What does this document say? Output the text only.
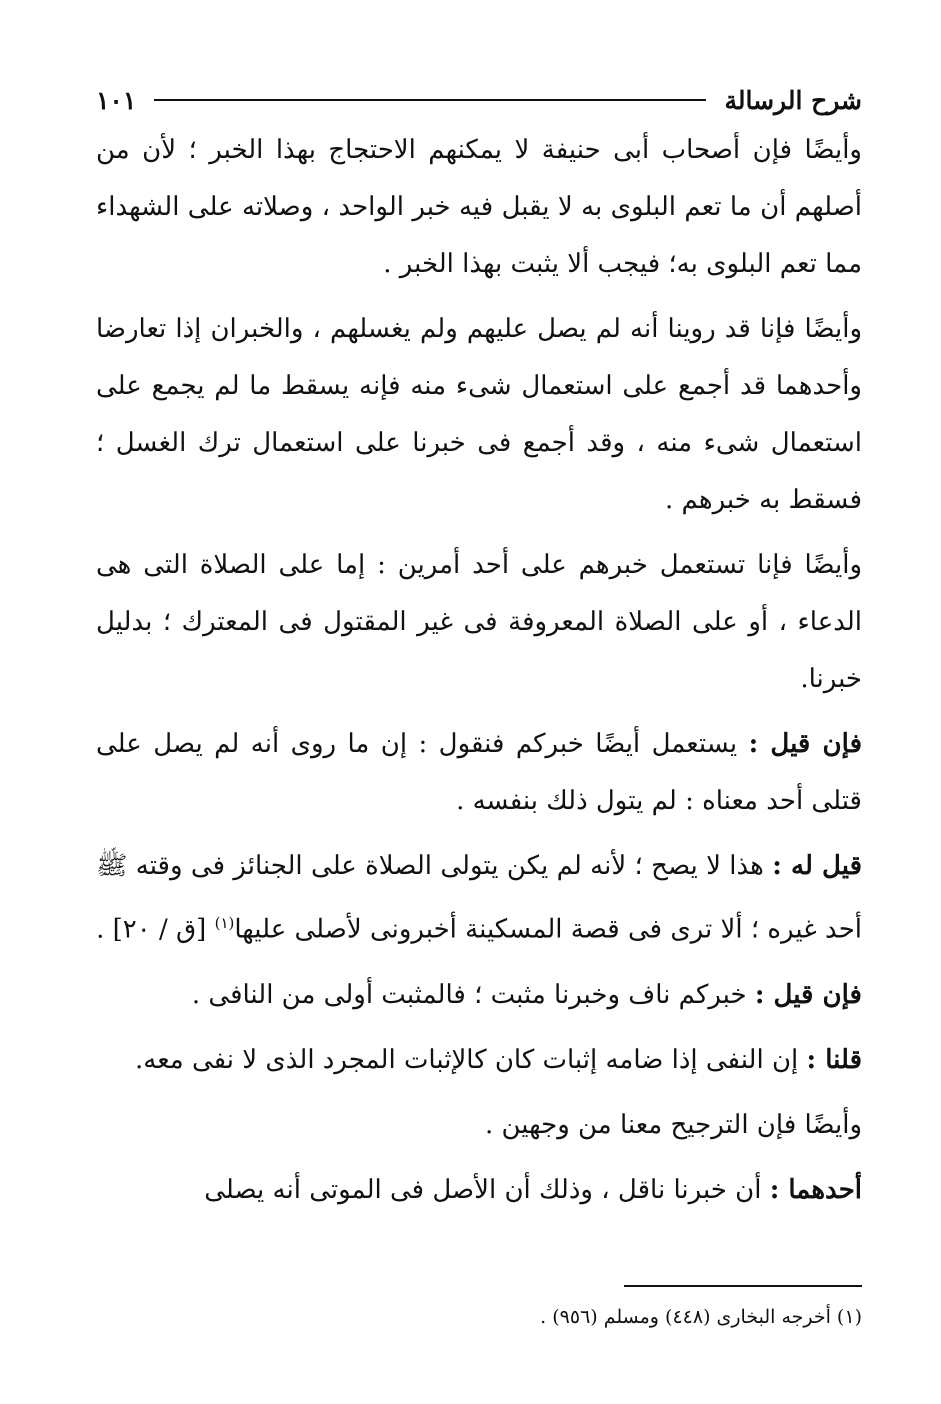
شرح الرسالة
١٠١

وأيضًا فإن أصحاب أبى حنيفة لا يمكنهم الاحتجاج بهذا الخبر ؛ لأن من أصلهم أن ما تعم البلوى به لا يقبل فيه خبر الواحد ، وصلاته على الشهداء مما تعم البلوى به؛ فيجب ألا يثبت بهذا الخبر .

وأيضًا فإنا قد روينا أنه لم يصل عليهم ولم يغسلهم ، والخبران إذا تعارضا وأحدهما قد أجمع على استعمال شىء منه فإنه يسقط ما لم يجمع على استعمال شىء منه ، وقد أجمع فى خبرنا على استعمال ترك الغسل ؛ فسقط به خبرهم .

وأيضًا فإنا تستعمل خبرهم على أحد أمرين : إما على الصلاة التى هى الدعاء ، أو على الصلاة المعروفة فى غير المقتول فى المعترك ؛ بدليل خبرنا.

فإن قيل : يستعمل أيضًا خبركم فنقول : إن ما روى أنه لم يصل على قتلى أحد معناه : لم يتول ذلك بنفسه .

قيل له : هذا لا يصح ؛ لأنه لم يكن يتولى الصلاة على الجنائز فى وقته ﷺ أحد غيره ؛ ألا ترى فى قصة المسكينة أخبرونى لأصلى عليها$^{(١)}$ [ق / ٢٠] .

فإن قيل : خبركم ناف وخبرنا مثبت ؛ فالمثبت أولى من النافى .

قلنا : إن النفى إذا ضامه إثبات كان كالإثبات المجرد الذى لا نفى معه.

وأيضًا فإن الترجيح معنا من وجهين .

أحدهما : أن خبرنا ناقل ، وذلك أن الأصل فى الموتى أنه يصلى

(١) أخرجه البخارى (٤٤٨) ومسلم (٩٥٦) .
